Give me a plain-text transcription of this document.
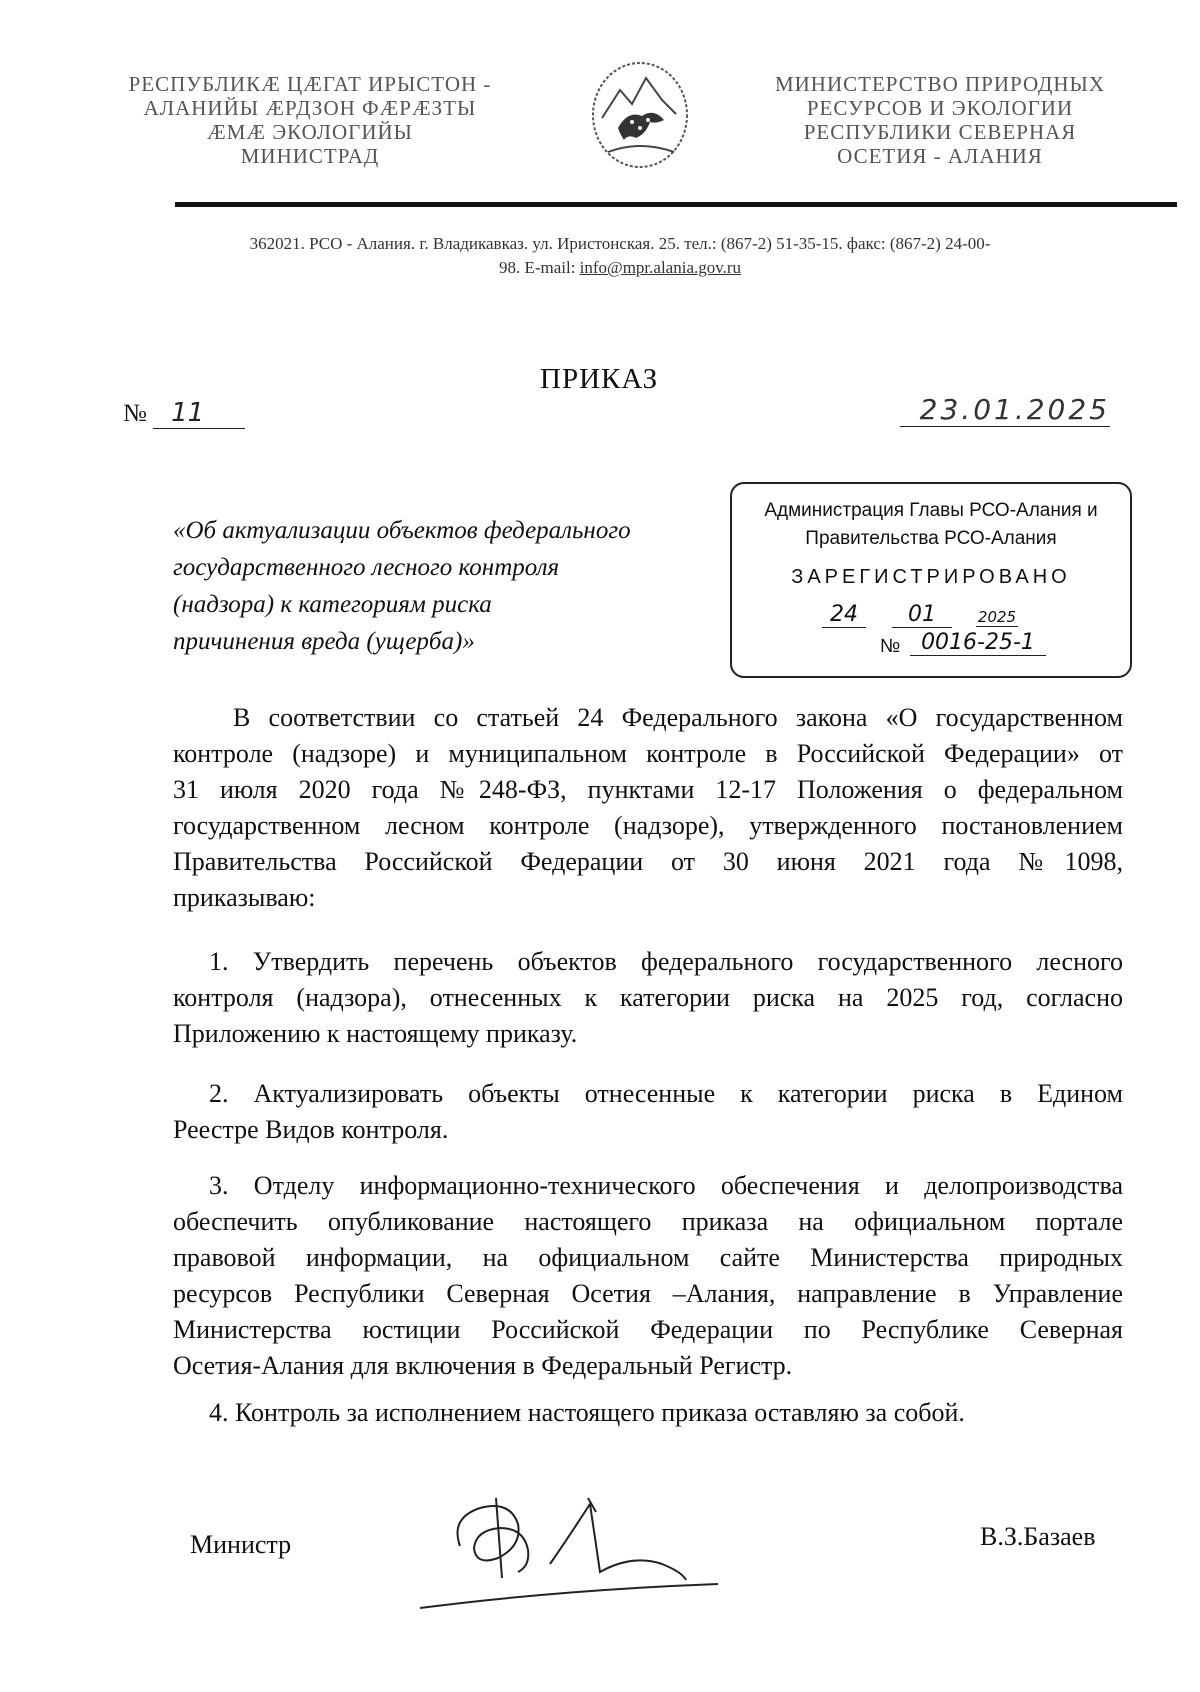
РЕСПУБЛИКÆ ЦÆГАТ ИРЫСТОН -
АЛАНИЙЫ ÆРДЗОН ФÆРÆЗТЫ
ÆМÆ ЭКОЛОГИЙЫ
МИНИСТРАД
МИНИСТЕРСТВО ПРИРОДНЫХ
РЕСУРСОВ И ЭКОЛОГИИ
РЕСПУБЛИКИ СЕВЕРНАЯ
ОСЕТИЯ - АЛАНИЯ
362021. РСО - Алания. г. Владикавказ. ул. Иристонская. 25. тел.: (867-2) 51-35-15. факс: (867-2) 24-00-
98. E-mail: info@mpr.alania.gov.ru
ПРИКАЗ
№ 11	23.01.2025
«Об актуализации объектов федерального
государственного лесного контроля
(надзора) к категориям риска
причинения вреда (ущерба)»
Администрация Главы РСО-Алания и
Правительства РСО-Алания
ЗАРЕГИСТРИРОВАНО
24	01	2025
№ 0016-25-1
В соответствии со статьей 24 Федерального закона «О государственном
контроле (надзоре) и муниципальном контроле в Российской Федерации» от
31 июля 2020 года №248-ФЗ, пунктами 12-17 Положения о федеральном
государственном лесном контроле (надзоре), утвержденного постановлением
Правительства Российской Федерации от 30 июня 2021 года №1098,
приказываю:
1. Утвердить перечень объектов федерального государственного лесного
контроля (надзора), отнесенных к категории риска на 2025 год, согласно
Приложению к настоящему приказу.
2. Актуализировать объекты отнесенные к категории риска в Едином
Реестре Видов контроля.
3. Отделу информационно-технического обеспечения и делопроизводства
обеспечить опубликование настоящего приказа на официальном портале
правовой информации, на официальном сайте Министерства природных
ресурсов Республики Северная Осетия –Алания, направление в Управление
Министерства юстиции Российской Федерации по Республике Северная
Осетия-Алания для включения в Федеральный Регистр.
4. Контроль за исполнением настоящего приказа оставляю за собой.
Министр	В.З.Базаев
